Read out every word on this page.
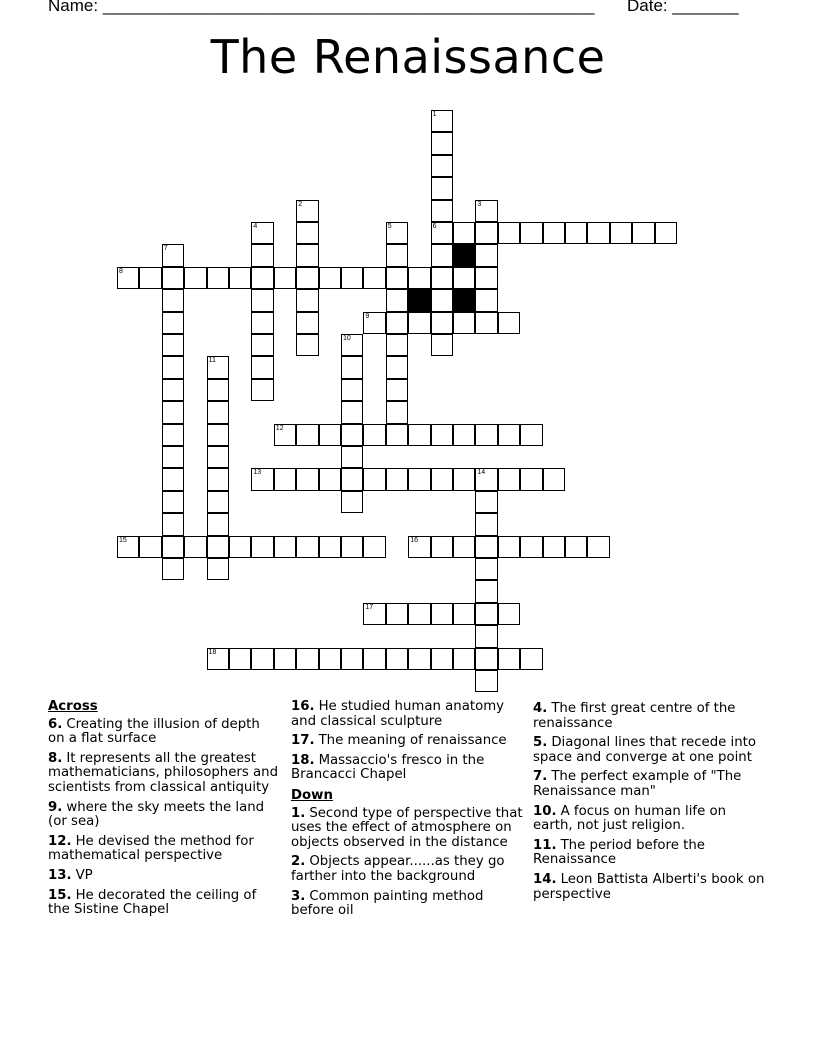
Name: ____________________________________________________ Date: _______
The Renaissance
1
6
2	3
4	5
7
8
9
10
11
12
13	14
15	16
17
18
Across
6. Creating the illusion of depth on a flat surface
8. It represents all the greatest mathematicians, philosophers and scientists from classical antiquity
9. where the sky meets the land (or sea)
12. He devised the method for mathematical perspective
13. VP
15. He decorated the ceiling of the Sistine Chapel
16. He studied human anatomy and classical sculpture
17. The meaning of renaissance
18. Massaccio's fresco in the Brancacci Chapel
Down
1. Second type of perspective that uses the effect of atmosphere on objects observed in the distance
2. Objects appear......as they go farther into the background
3. Common painting method before oil
4. The first great centre of the renaissance
5. Diagonal lines that recede into space and converge at one point
7. The perfect example of "The Renaissance man"
10. A focus on human life on earth, not just religion.
11. The period before the Renaissance
14. Leon Battista Alberti's book on perspective
